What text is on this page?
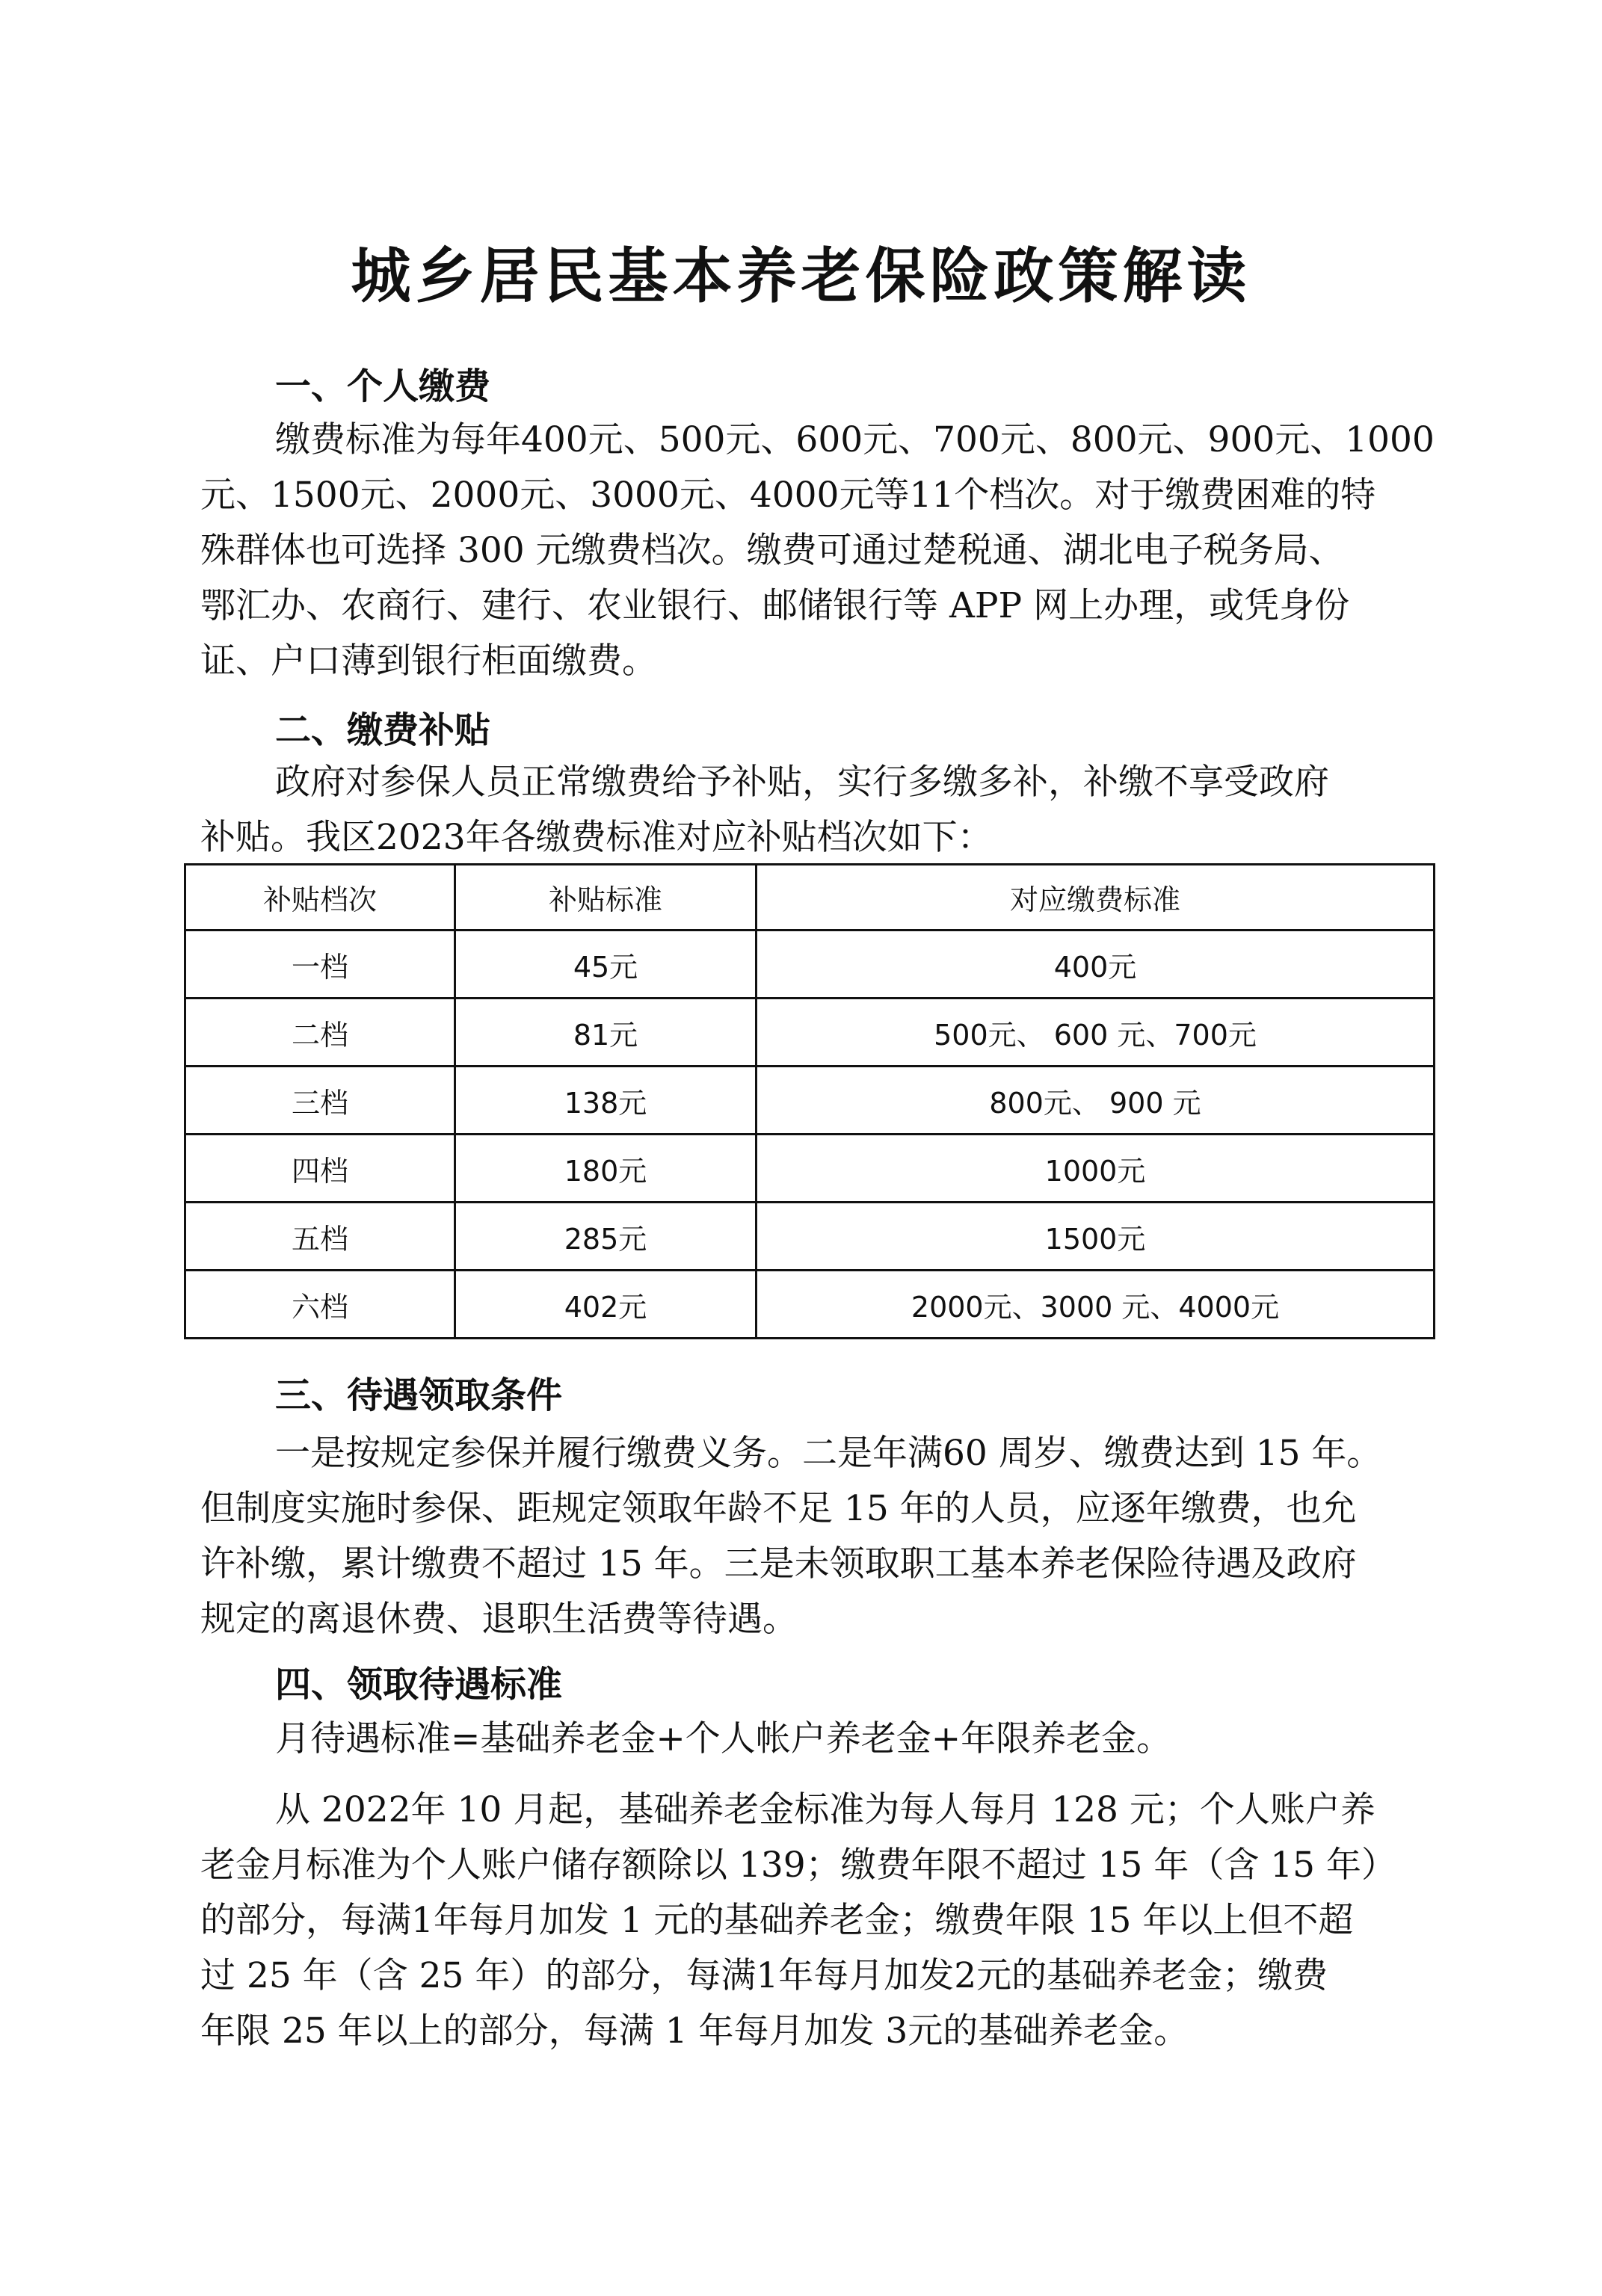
城乡居民基本养老保险政策解读
一、个人缴费
缴费标准为每年400元、500元、600元、700元、800元、900元、1000
元、1500元、2000元、3000元、4000元等11个档次。对于缴费困难的特
殊群体也可选择 300 元缴费档次。缴费可通过楚税通、湖北电子税务局、
鄂汇办、农商行、建行、农业银行、邮储银行等 APP 网上办理，或凭身份
证、户口薄到银行柜面缴费。
二、缴费补贴
政府对参保人员正常缴费给予补贴，实行多缴多补，补缴不享受政府
补贴。我区2023年各缴费标准对应补贴档次如下：
补贴档次	补贴标准	对应缴费标准
一档	45元	400元
二档	81元	500元、 600 元、700元
三档	138元	800元、 900 元
四档	180元	1000元
五档	285元	1500元
六档	402元	2000元、3000 元、4000元
三、待遇领取条件
一是按规定参保并履行缴费义务。二是年满60 周岁、缴费达到 15 年。
但制度实施时参保、距规定领取年龄不足 15 年的人员，应逐年缴费，也允
许补缴，累计缴费不超过 15 年。三是未领取职工基本养老保险待遇及政府
规定的离退休费、退职生活费等待遇。
四、领取待遇标准
月待遇标准=基础养老金+个人帐户养老金+年限养老金。
从 2022年 10 月起，基础养老金标准为每人每月 128 元；个人账户养
老金月标准为个人账户储存额除以 139；缴费年限不超过 15 年（含 15 年）
的部分，每满1年每月加发 1 元的基础养老金；缴费年限 15 年以上但不超
过 25 年（含 25 年）的部分，每满1年每月加发2元的基础养老金；缴费
年限 25 年以上的部分，每满 1 年每月加发 3元的基础养老金。
